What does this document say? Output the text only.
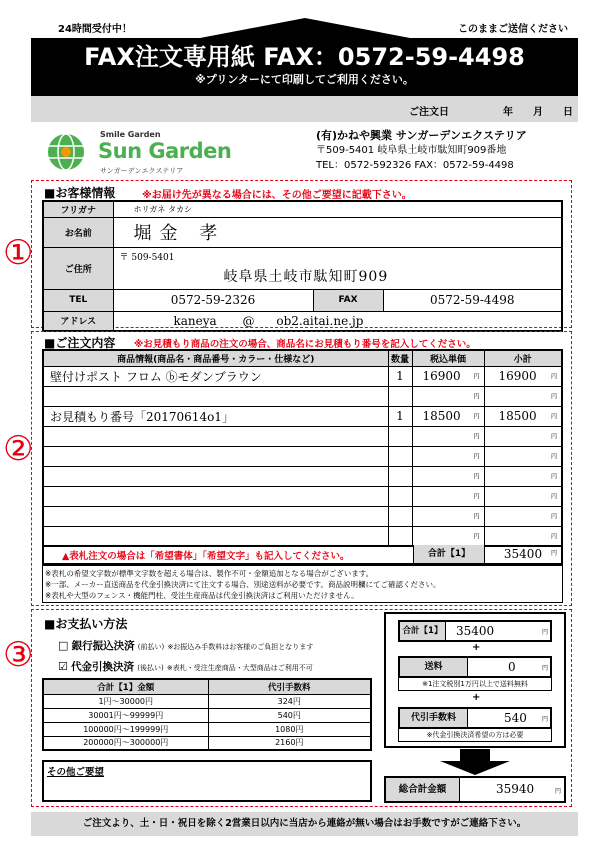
24時間受付中！	このままご送信ください
FAX注文専用紙 FAX：0572-59-4498
※プリンターにて印刷してご利用ください。
ご注文日	年 月 日
Smile Garden
Sun Garden
サンガーデンエクステリア
(有)かねや興業 サンガーデンエクステリア
〒509-5401 岐阜県土岐市駄知町909番地
TEL：0572-592326 FAX：0572-59-4498
①
■お客様情報	※お届け先が異なる場合には、その他ご要望に記載下さい。
フリガナ	ホリガネ タカシ		
お名前	堀金 孝		
ご住所	〒 509-5401
岐阜県土岐市駄知町909		

TEL	0572-59-2326	FAX	0572-59-4498
アドレス	kaneya @ ob2.aitai.ne.jp		
②
■ご注文内容 ※お見積もり商品の注文の場合、商品名にお見積もり番号を記入してください。
商品情報(商品名・商品番号・カラー・仕様など)	数量	税込単価	小計
壁付けポスト フロム ⓑモダンブラウン	1	16900 円	16900 円

		円	円

お見積もり番号「20170614o1」	1	18500 円	18500 円

		円	円

		円	円

		円	円

		円	円

		円	円

		円	円
▲表札注文の場合は「希望書体」「希望文字」も記入してください。	合計【1】	35400 円
※表札の希望文字数が標準文字数を超える場合は、製作不可・金額追加となる場合がございます。
※一部、メーカー直送商品を代金引換決済にて注文する場合、別途送料が必要です。商品説明欄にてご確認ください。
※表札や大型のフェンス・機能門柱、受注生産商品は代金引換決済はご利用いただけません。
③
■お支払い方法
□ 銀行振込決済 (前払い) ※お振込み手数料はお客様のご負担となります
☑ 代金引換決済 (後払い) ※表札・受注生産商品・大型商品はご利用不可
合計【1】金額	代引手数料
1円～30000円	324円
30001円～99999円	540円
100000円～199999円	1080円
200000円～300000円	2160円
その他ご要望
合計【1】 35400	円
+
送料	0	円
※1注文税別1万円以上で送料無料
+
代引手数料	540	円
※代金引換決済希望の方は必要
総合計金額	35940	円
ご注文より、土・日・祝日を除く2営業日以内に当店から連絡が無い場合はお手数ですがご連絡下さい。
